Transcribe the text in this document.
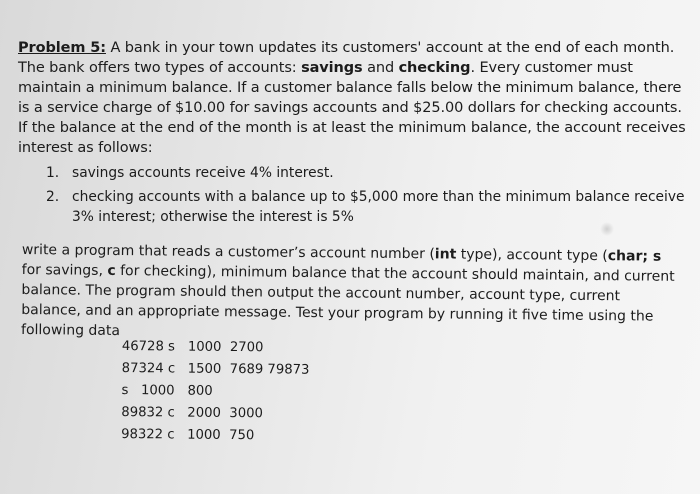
Problem 5: A bank in your town updates its customers' account at the end of each month. The bank offers two types of accounts: savings and checking. Every customer must maintain a minimum balance. If a customer balance falls below the minimum balance, there is a service charge of $10.00 for savings accounts and $25.00 dollars for checking accounts. If the balance at the end of the month is at least the minimum balance, the account receives interest as follows:
1. savings accounts receive 4% interest.
2. checking accounts with a balance up to $5,000 more than the minimum balance receive 3% interest; otherwise the interest is 5%
write a program that reads a customer’s account number (int type), account type (char; s for savings, c for checking), minimum balance that the account should maintain, and current balance. The program should then output the account number, account type, current balance, and an appropriate message. Test your program by running it five time using the following data
46728 s 1000 2700
87324 c 1500 7689 79873
s   1000 800
89832 c 2000 3000
98322 c 1000 750
